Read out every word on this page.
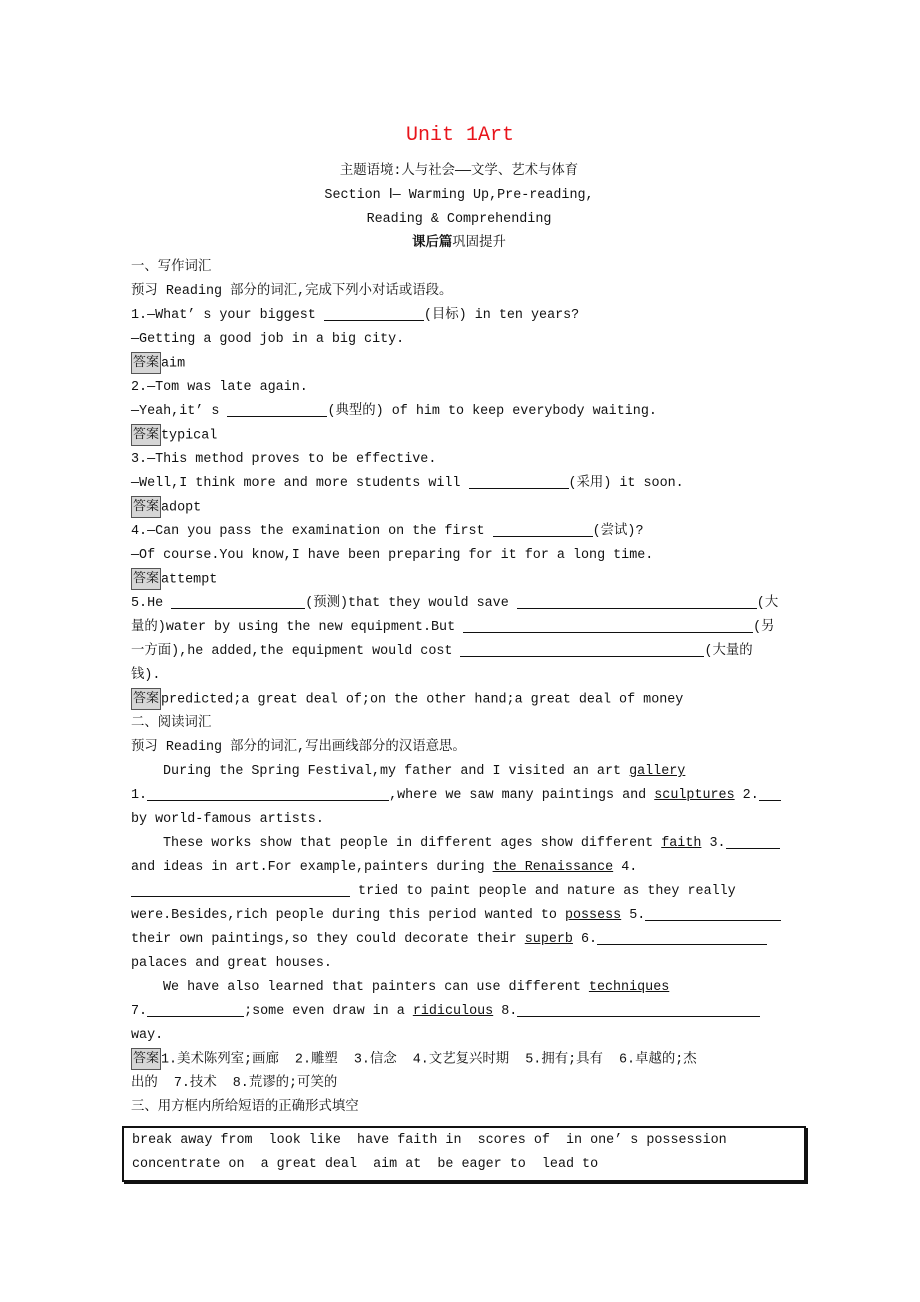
Unit 1Art
主题语境:人与社会——文学、艺术与体育
Section Ⅰ— Warming Up,Pre-reading,
Reading & Comprehending
课后篇巩固提升
一、写作词汇
预习 Reading 部分的词汇,完成下列小对话或语段。
1.—What’ s your biggest	(目标) in ten years?
—Getting a good job in a big city.
答案 aim
2.—Tom was late again.
—Yeah,it’ s	(典型的) of him to keep everybody waiting.
答案 typical
3.—This method proves to be effective.
—Well,I think more and more students will	(采用) it soon.
答案 adopt
4.—Can you pass the examination on the first	(尝试)?
—Of course.You know,I have been preparing for it for a long time.
答案 attempt
5.He	(预测)that they would save	(大
量的)water by using the new equipment.But	(另
一方面),he added,the equipment would cost	(大量的
钱).
答案 predicted;a great deal of;on the other hand;a great deal of money
二、阅读词汇
预习 Reading 部分的词汇,写出画线部分的汉语意思。
During the Spring Festival,my father and I visited an art gallery
1.	,where we saw many paintings and sculptures 2.
by world-famous artists.
These works show that people in different ages show different faith 3.
and ideas in art.For example,painters during the Renaissance 4.
tried to paint people and nature as they really
were.Besides,rich people during this period wanted to possess 5.
their own paintings,so they could decorate their superb 6.
palaces and great houses.
We have also learned that painters can use different techniques
7.	;some even draw in a ridiculous 8.
way.
答案 1.美术陈列室;画廊  2.雕塑  3.信念  4.文艺复兴时期  5.拥有;具有  6.卓越的;杰
出的  7.技术  8.荒谬的;可笑的
三、用方框内所给短语的正确形式填空
break away from look like have faith in scores of in one’ s possession
concentrate on a great deal aim at be eager to lead to
